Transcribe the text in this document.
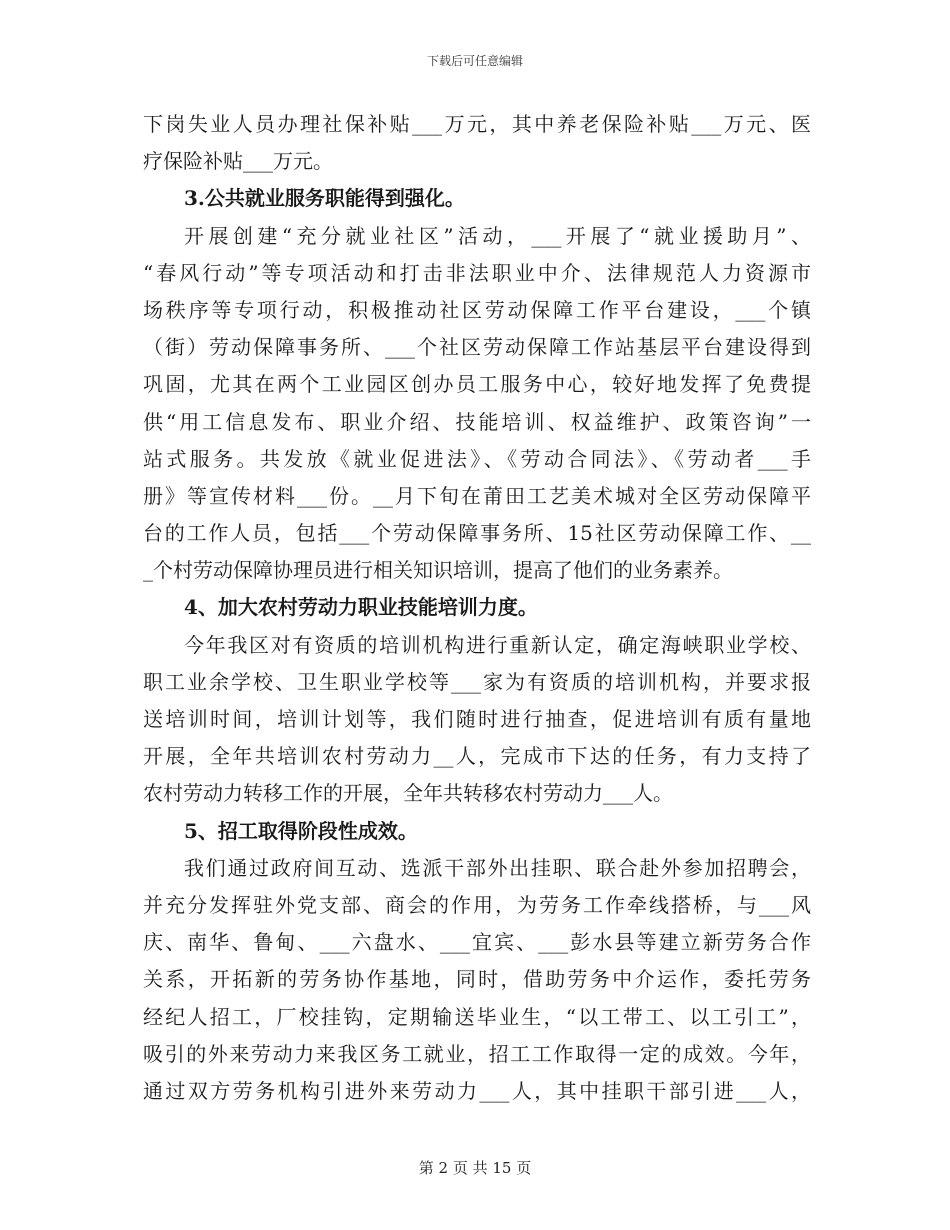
下载后可任意编辑
下岗失业人员办理社保补贴___万元，其中养老保险补贴___万元、医
疗保险补贴___万元。
3.公共就业服务职能得到强化。
开展创建“充分就业社区”活动，___开展了“就业援助月”、
“春风行动”等专项活动和打击非法职业中介、法律规范人力资源市
场秩序等专项行动，积极推动社区劳动保障工作平台建设，___个镇
（街）劳动保障事务所、___个社区劳动保障工作站基层平台建设得到
巩固，尤其在两个工业园区创办员工服务中心，较好地发挥了免费提
供“用工信息发布、职业介绍、技能培训、权益维护、政策咨询”一
站式服务。共发放《就业促进法》、《劳动合同法》、《劳动者___手
册》等宣传材料___份。__月下旬在莆田工艺美术城对全区劳动保障平
台的工作人员，包括___个劳动保障事务所、15社区劳动保障工作、__
_个村劳动保障协理员进行相关知识培训，提高了他们的业务素养。
4、加大农村劳动力职业技能培训力度。
今年我区对有资质的培训机构进行重新认定，确定海峡职业学校、
职工业余学校、卫生职业学校等___家为有资质的培训机构，并要求报
送培训时间，培训计划等，我们随时进行抽查，促进培训有质有量地
开展，全年共培训农村劳动力__人，完成市下达的任务，有力支持了
农村劳动力转移工作的开展，全年共转移农村劳动力___人。
5、招工取得阶段性成效。
我们通过政府间互动、选派干部外出挂职、联合赴外参加招聘会，
并充分发挥驻外党支部、商会的作用，为劳务工作牵线搭桥，与___风
庆、南华、鲁甸、___六盘水、___宜宾、___彭水县等建立新劳务合作
关系，开拓新的劳务协作基地，同时，借助劳务中介运作，委托劳务
经纪人招工，厂校挂钩，定期输送毕业生，“以工带工、以工引工”，
吸引的外来劳动力来我区务工就业，招工工作取得一定的成效。今年，
通过双方劳务机构引进外来劳动力___人，其中挂职干部引进___人，
第 2 页 共 15 页
